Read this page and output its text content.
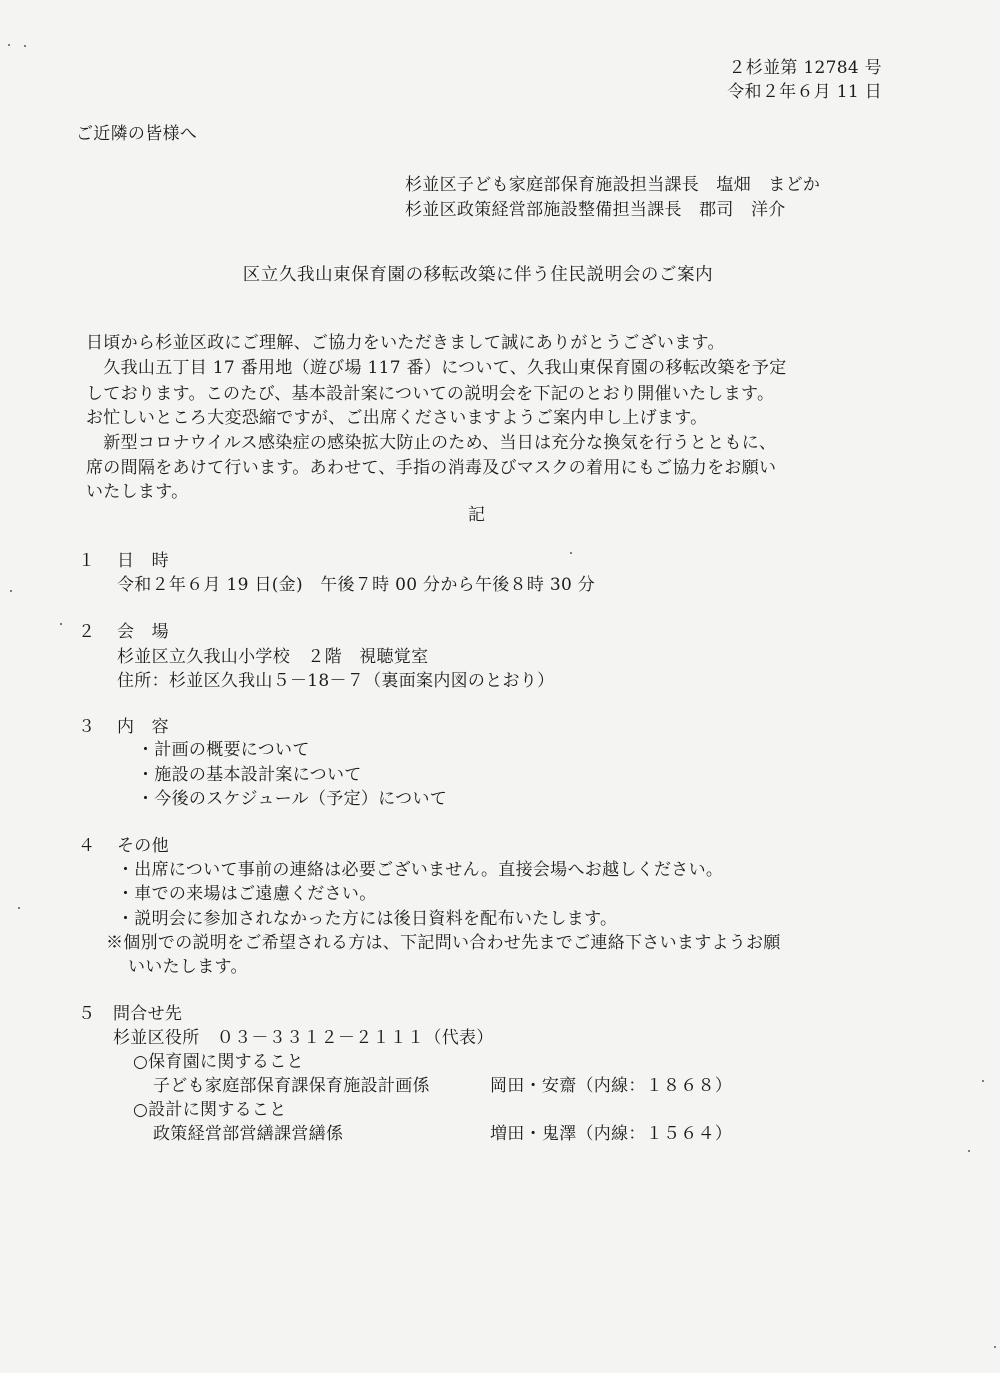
２杉並第 12784 号
令和２年６月 11 日
ご近隣の皆様へ
杉並区子ども家庭部保育施設担当課長　塩畑　まどか
杉並区政策経営部施設整備担当課長　郡司　洋介
区立久我山東保育園の移転改築に伴う住民説明会のご案内
日頃から杉並区政にご理解、ご協力をいただきまして誠にありがとうございます。
　久我山五丁目 17 番用地（遊び場 117 番）について、久我山東保育園の移転改築を予定
しております。このたび、基本設計案についての説明会を下記のとおり開催いたします。
お忙しいところ大変恐縮ですが、ご出席くださいますようご案内申し上げます。
　新型コロナウイルス感染症の感染拡大防止のため、当日は充分な換気を行うとともに、
席の間隔をあけて行います。あわせて、手指の消毒及びマスクの着用にもご協力をお願い
いたします。
記
１ 日　時
令和２年６月 19 日(金)　午後７時 00 分から午後８時 30 分
２ 会　場
杉並区立久我山小学校　２階　視聴覚室
住所：杉並区久我山５－18－７（裏面案内図のとおり）
３ 内　容
・計画の概要について
・施設の基本設計案について
・今後のスケジュール（予定）について
４ その他
・出席について事前の連絡は必要ございません。直接会場へお越しください。
・車での来場はご遠慮ください。
・説明会に参加されなかった方には後日資料を配布いたします。
※個別での説明をご希望される方は、下記問い合わせ先までご連絡下さいますようお願
いいたします。
５ 問合せ先
杉並区役所　０３－３３１２－２１１１（代表）
○保育園に関すること
子ども家庭部保育課保育施設計画係	岡田・安齋（内線：１８６８）
○設計に関すること
政策経営部営繕課営繕係	増田・鬼澤（内線：１５６４）
